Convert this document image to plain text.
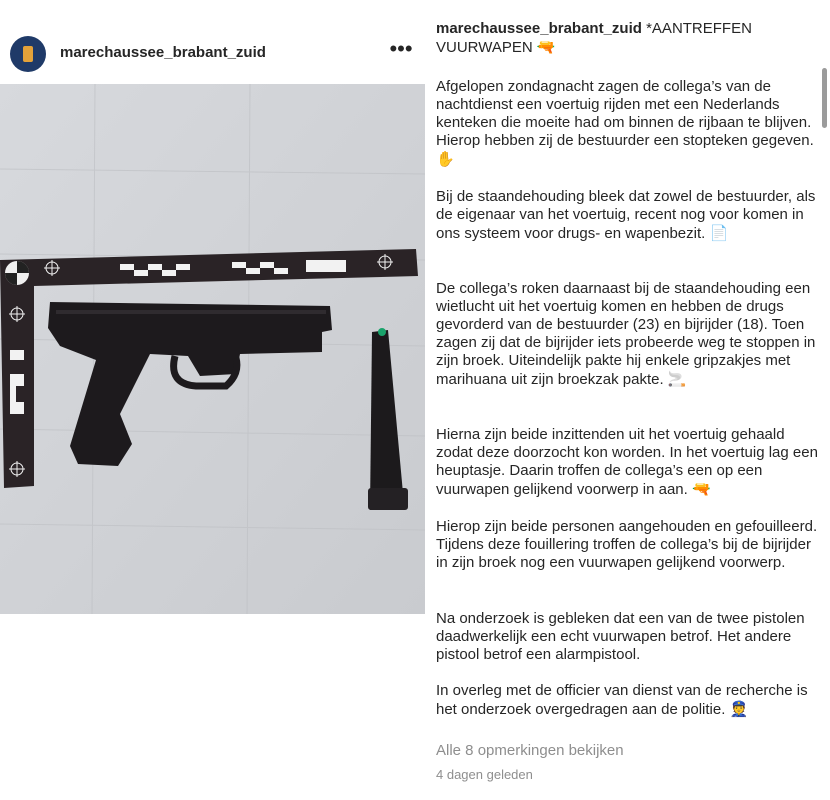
marechaussee_brabant_zuid	•••
marechaussee_brabant_zuid *AANTREFFEN VUURWAPEN 🔫
Afgelopen zondagnacht zagen de collega’s van de nachtdienst een voertuig rijden met een Nederlands kenteken die moeite had om binnen de rijbaan te blijven. Hierop hebben zij de bestuurder een stopteken gegeven. ✋
Bij de staandehouding bleek dat zowel de bestuurder, als de eigenaar van het voertuig, recent nog voor komen in ons systeem voor drugs- en wapenbezit. 📄
De collega’s roken daarnaast bij de staandehouding een wietlucht uit het voertuig komen en hebben de drugs gevorderd van de bestuurder (23) en bijrijder (18). Toen zagen zij dat de bijrijder iets probeerde weg te stoppen in zijn broek. Uiteindelijk pakte hij enkele gripzakjes met marihuana uit zijn broekzak pakte. 🚬
Hierna zijn beide inzittenden uit het voertuig gehaald zodat deze doorzocht kon worden. In het voertuig lag een heuptasje. Daarin troffen de collega’s een op een vuurwapen gelijkend voorwerp in aan. 🔫
Hierop zijn beide personen aangehouden en gefouilleerd. Tijdens deze fouillering troffen de collega’s bij de bijrijder in zijn broek nog een vuurwapen gelijkend voorwerp.
Na onderzoek is gebleken dat een van de twee pistolen daadwerkelijk een echt vuurwapen betrof. Het andere pistool betrof een alarmpistool.
In overleg met de officier van dienst van de recherche is het onderzoek overgedragen aan de politie. 👮
Alle 8 opmerkingen bekijken
4 dagen geleden
